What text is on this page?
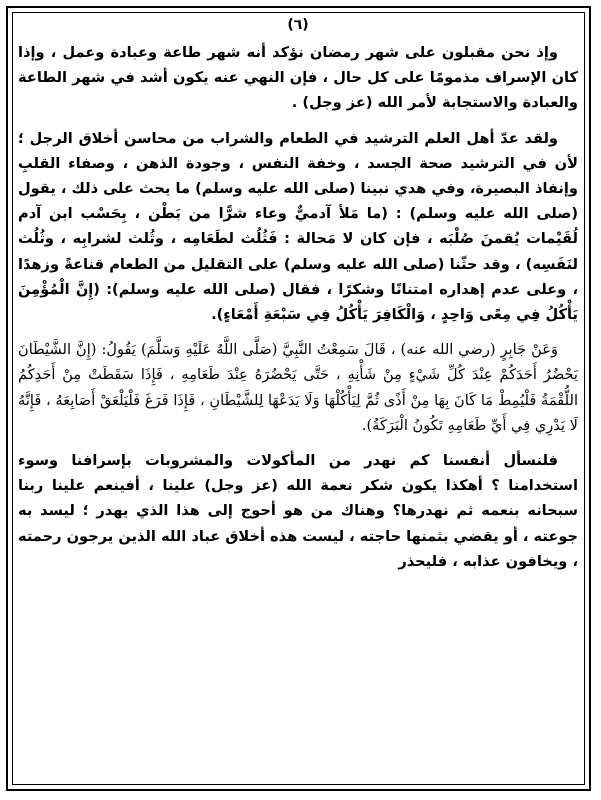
(٦)

وإذ نحن مقبلون على شهر رمضان نؤكد أنه شهر طاعة وعبادة وعمل ، وإذا كان الإسراف مذمومًا على كل حال ، فإن النهي عنه يكون أشد في شهر الطاعة والعبادة والاستجابة لأمر الله (عز وجل) .

ولقد عدّ أهل العلم الترشيد في الطعام والشراب من محاسن أخلاق الرجل ؛ لأن في الترشيد صحة الجسد ، وخفة النفس ، وجودة الذهن ، وصفاء القلبِ وإنفاذ البصيرة، وفي هدي نبينا (صلى الله عليه وسلم) ما يحث على ذلك ، يقول (صلى الله عليه وسلم) : (ما مَلأ آدميٌّ وعاء شرًّا من بَطْن ، بِحَسْب ابن آدم لُقَيْمات يُقمنَ صُلْبَه ، فإن كان لا مَحالة : فَثُلُث لطَعَامِه ، وثُلث لشرابِه ، وثُلُث لنَفَسِه) ، وقد حثّنا (صلى الله عليه وسلم) على التقليل من الطعام قناعةً وزهدًا ، وعلى عدم إهداره امتنانًا وشكرًا ، فقال (صلى الله عليه وسلم): (إِنَّ الْمُؤْمِنَ يَأْكُلُ فِي مِعًى وَاحِدٍ ، وَالْكَافِرَ يَأْكُلُ فِي سَبْعَةِ أَمْعَاءٍ).

وَعَنْ جَابِرٍ (رضي الله عنه) ، قَالَ سَمِعْتُ النَّبِيَّ (صَلَّى اللَّهُ عَلَيْهِ وَسَلَّمَ) يَقُولُ: (إِنَّ الشَّيْطَانَ يَحْضُرُ أَحَدَكُمْ عِنْدَ كُلِّ شَيْءٍ مِنْ شَأْنِهِ ، حَتَّى يَحْضُرَهُ عِنْدَ طَعَامِهِ ، فَإِذَا سَقَطَتْ مِنْ أَحَدِكُمُ اللُّقْمَةُ فَلْيُمِطْ مَا كَانَ بِهَا مِنْ أَذًى ثُمَّ لِيَأْكُلْهَا وَلَا يَدَعْهَا لِلشَّيْطَانِ ، فَإِذَا فَرَغَ فَلْيَلْعَقْ أَصَابِعَهُ ، فَإِنَّهُ لَا يَدْرِي فِي أَيِّ طَعَامِهِ تَكُونُ الْبَرَكَةُ).

فلنسأل أنفسنا كم نهدر من المأكولات والمشروبات بإسرافنا وسوء استخدامنا ؟ أهكذا يكون شكر نعمة الله (عز وجل) علينا ، أفينعم علينا ربنا سبحانه بنعمه ثم نهدرها؟ وهناك من هو أحوج إلى هذا الذي يهدر ؛ ليسد به جوعته ، أو يقضي بثمنها حاجته ، ليست هذه أخلاق عباد الله الذين يرجون رحمته ، ويخافون عذابه ، فليحذر
